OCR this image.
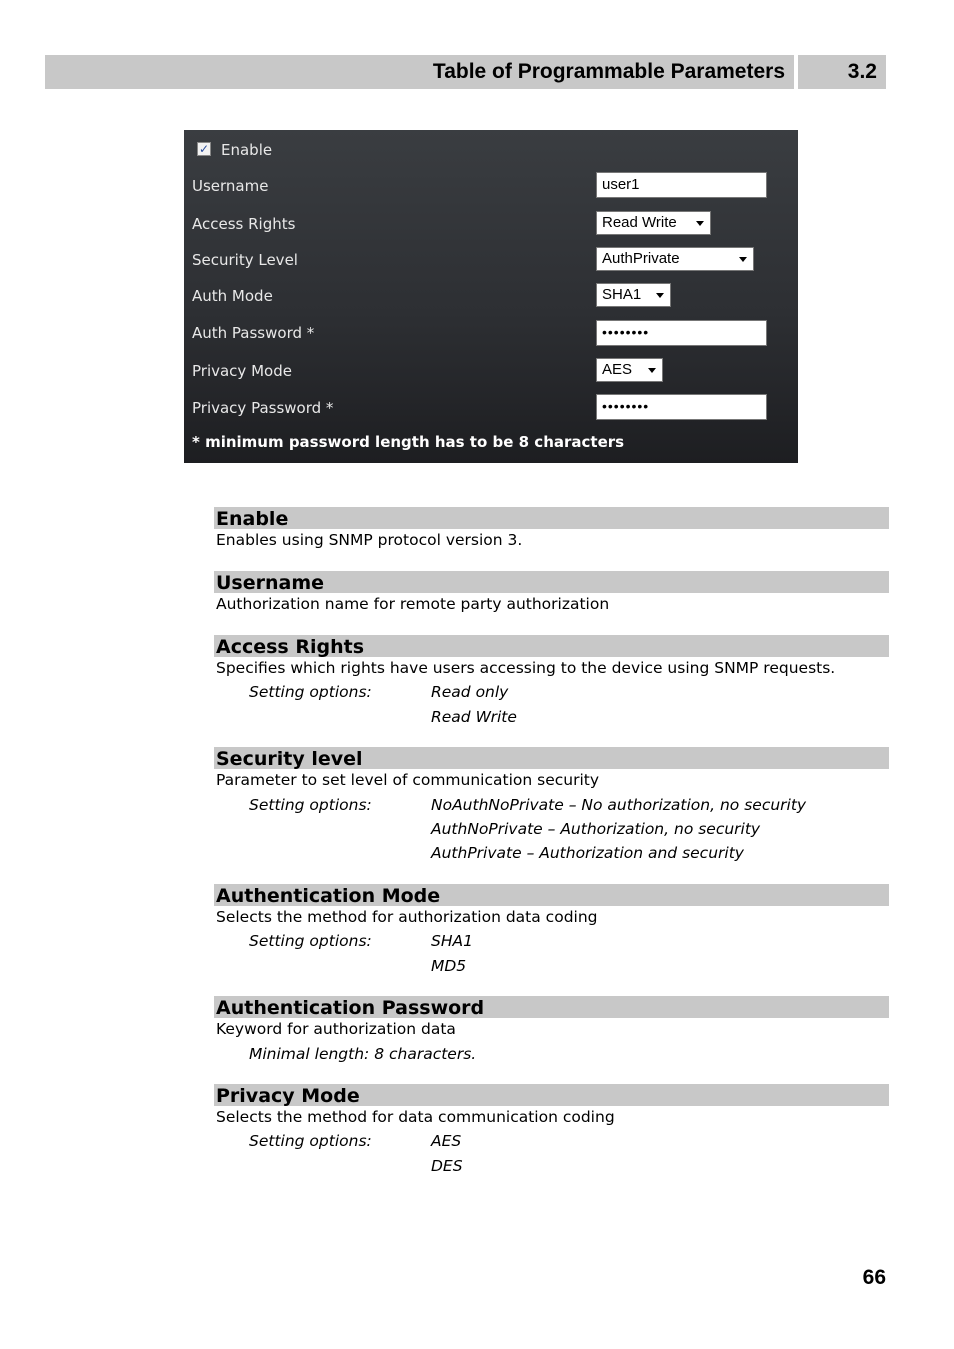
Table of Programmable Parameters	3.2
✓ Enable
Username	user1
Access Rights	Read Write
Security Level	AuthPrivate
Auth Mode	SHA1
Auth Password *	••••••••
Privacy Mode	AES
Privacy Password *	••••••••
* minimum password length has to be 8 characters
Enable
Enables using SNMP protocol version 3.
Username
Authorization name for remote party authorization
Access Rights
Specifies which rights have users accessing to the device using SNMP requests.
Setting options:	Read only
Read Write
Security level
Parameter to set level of communication security
Setting options:	NoAuthNoPrivate – No authorization, no security
AuthNoPrivate – Authorization, no security
AuthPrivate – Authorization and security
Authentication Mode
Selects the method for authorization data coding
Setting options:	SHA1
MD5
Authentication Password
Keyword for authorization data
Minimal length: 8 characters.
Privacy Mode
Selects the method for data communication coding
Setting options:	AES
DES
66
